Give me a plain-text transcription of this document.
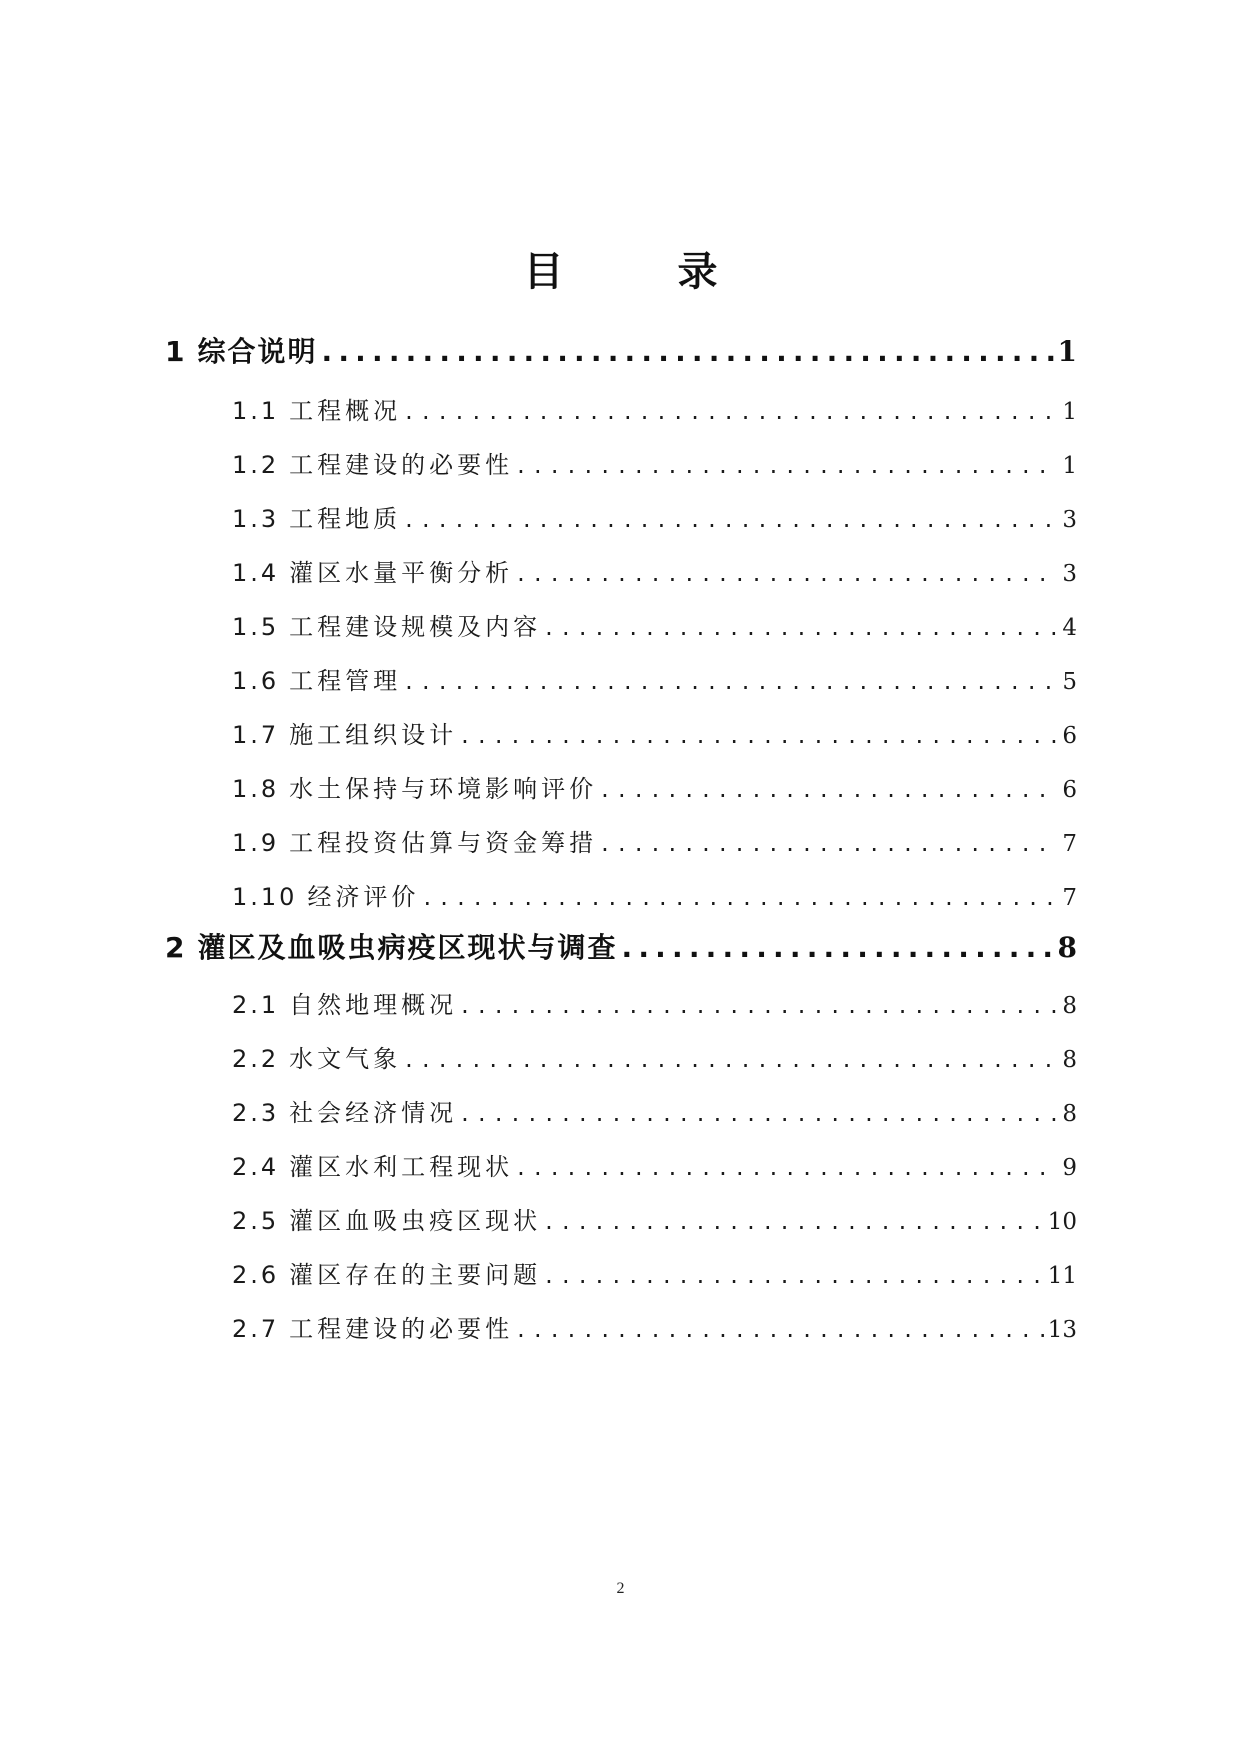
目 录
1 综合说明 .....	1
1.1 工程概况 .....	1
1.2 工程建设的必要性 .....	1
1.3 工程地质 .....	3
1.4 灌区水量平衡分析 .....	3
1.5 工程建设规模及内容 .....	4
1.6 工程管理 .....	5
1.7 施工组织设计 .....	6
1.8 水土保持与环境影响评价 .....	6
1.9 工程投资估算与资金筹措 .....	7
1.10 经济评价 .....	7
2 灌区及血吸虫病疫区现状与调查 .....	8
2.1 自然地理概况 .....	8
2.2 水文气象 .....	8
2.3 社会经济情况 .....	8
2.4 灌区水利工程现状 .....	9
2.5 灌区血吸虫疫区现状 .....	10
2.6 灌区存在的主要问题 .....	11
2.7 工程建设的必要性 .....	13
2
